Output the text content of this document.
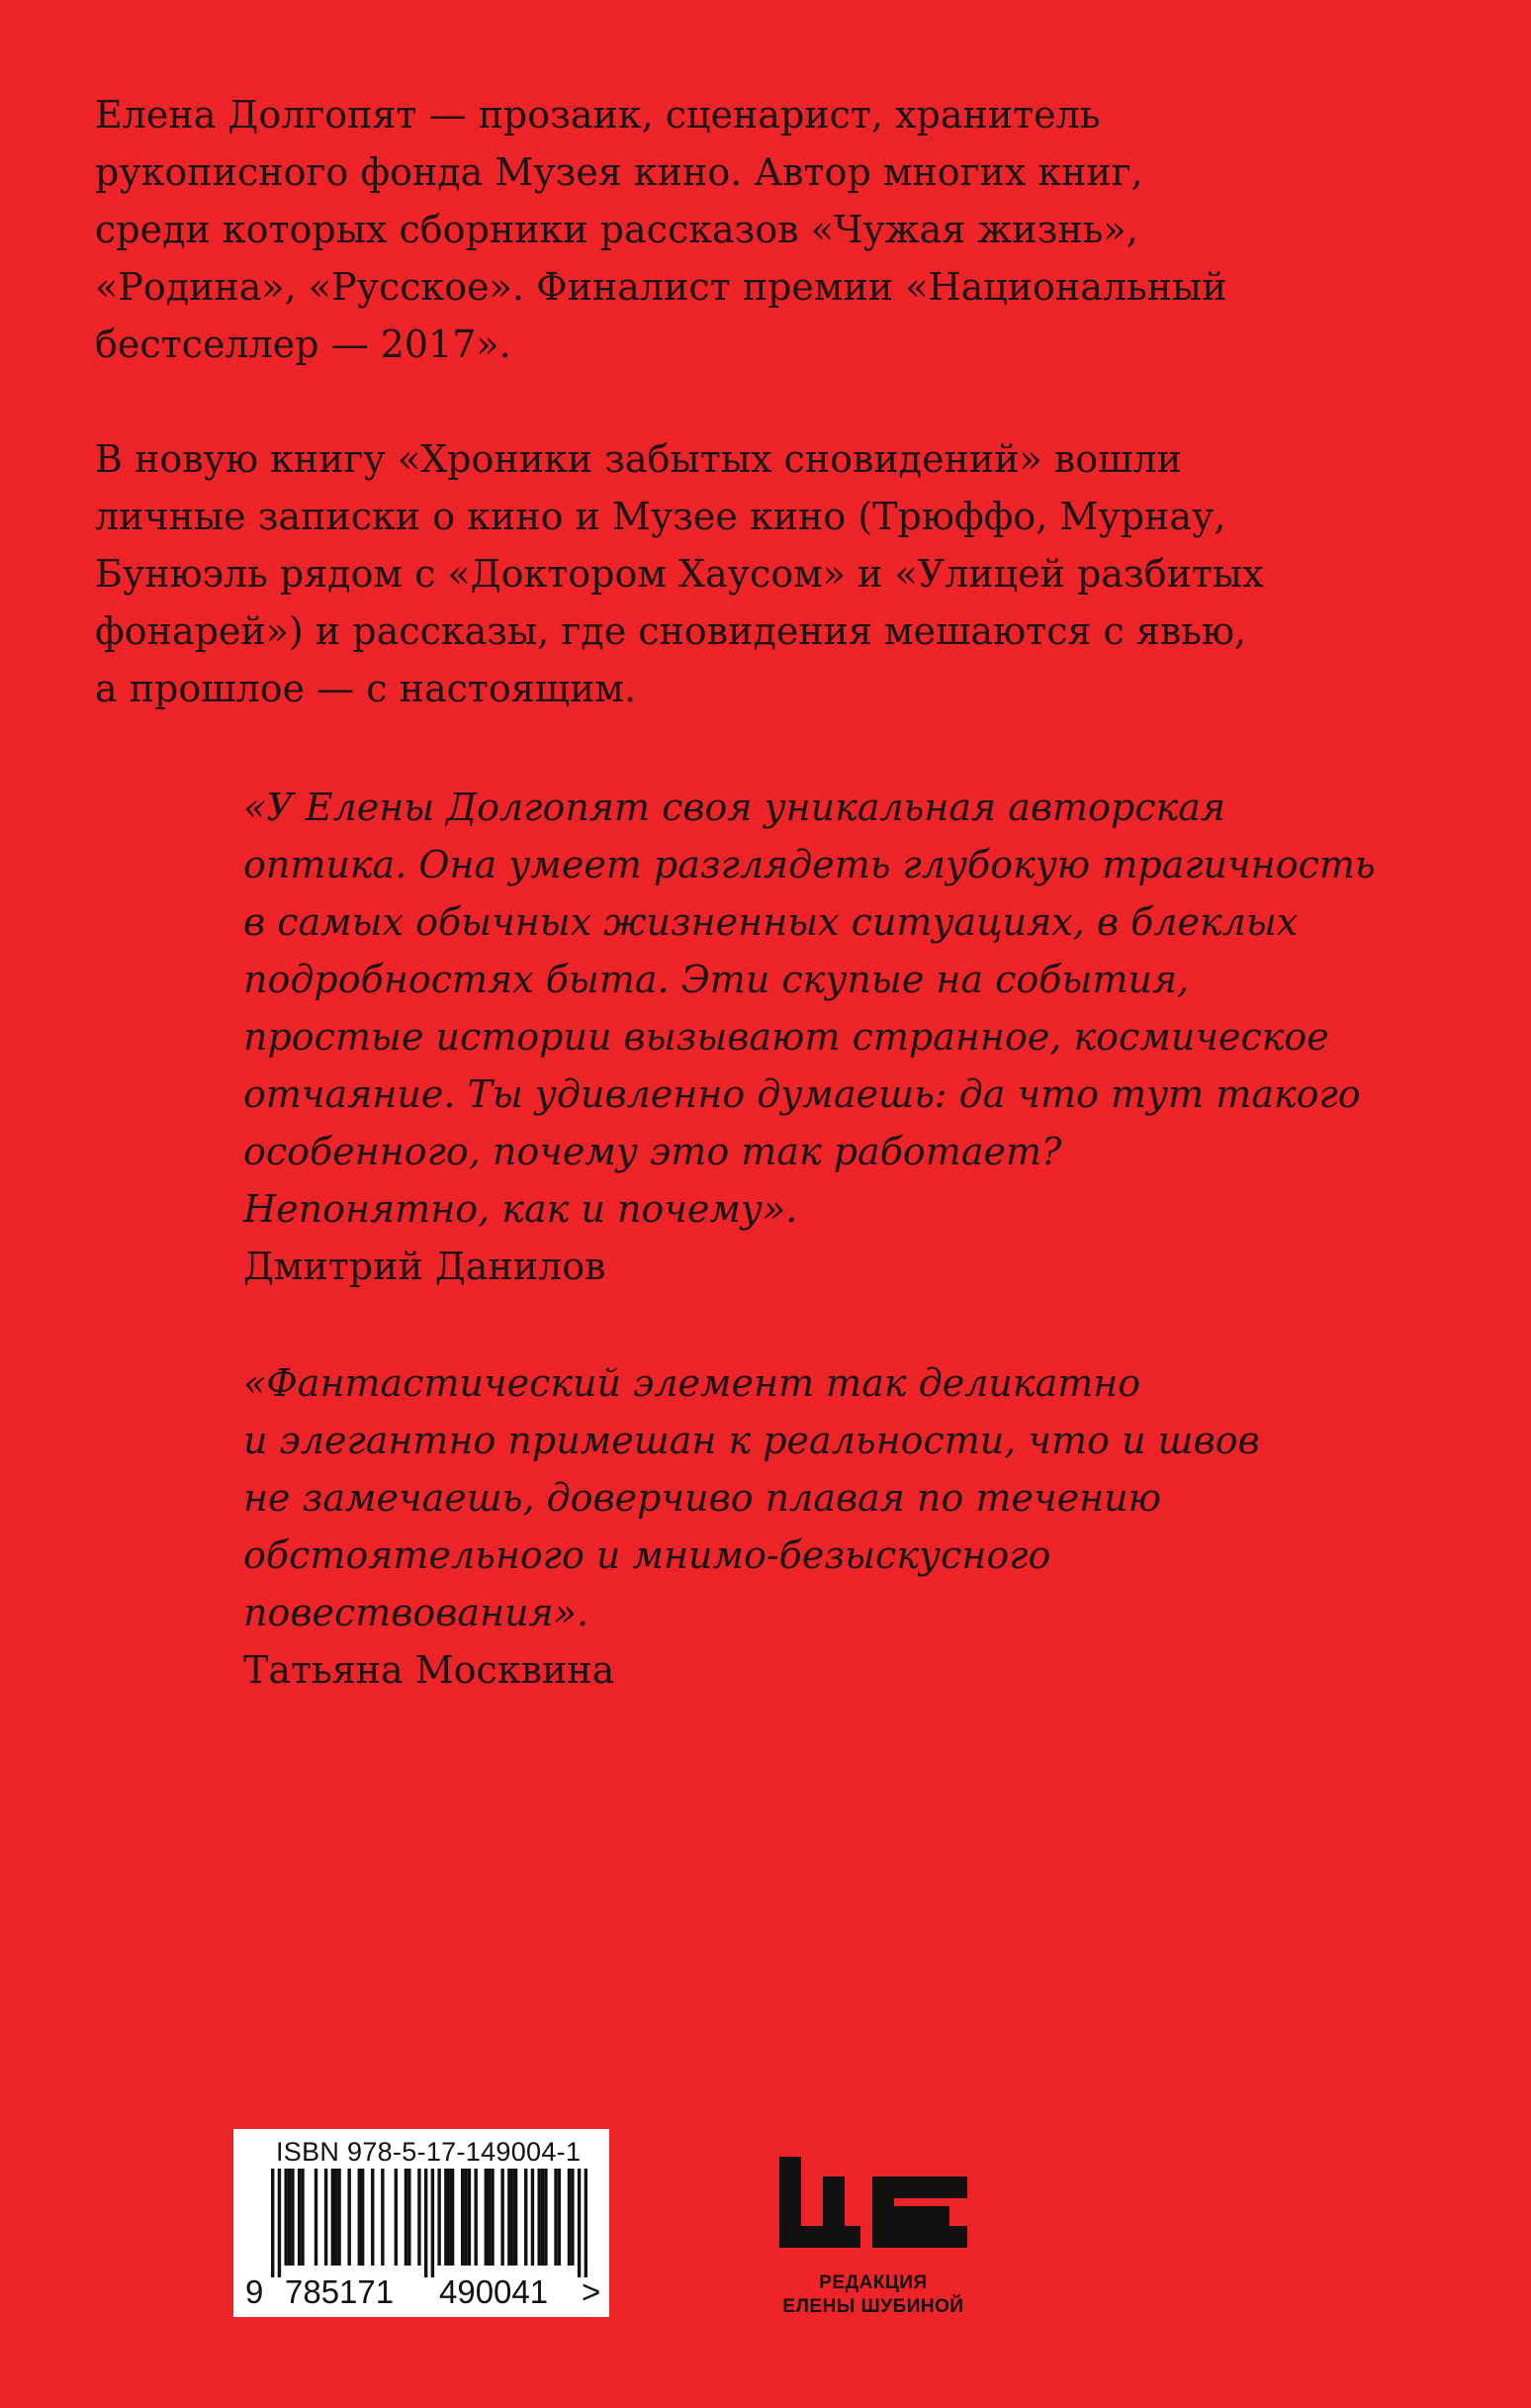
Елена Долгопят — прозаик, сценарист, хранитель
рукописного фонда Музея кино. Автор многих книг,
среди которых сборники рассказов «Чужая жизнь»,
«Родина», «Русское». Финалист премии «Национальный
бестселлер — 2017».
В новую книгу «Хроники забытых сновидений» вошли
личные записки о кино и Музее кино (Трюффо, Мурнау,
Бунюэль рядом с «Доктором Хаусом» и «Улицей разбитых
фонарей») и рассказы, где сновидения мешаются с явью,
а прошлое — с настоящим.
«У Елены Долгопят своя уникальная авторская
оптика. Она умеет разглядеть глубокую трагичность
в самых обычных жизненных ситуациях, в блеклых
подробностях быта. Эти скупые на события,
простые истории вызывают странное, космическое
отчаяние. Ты удивленно думаешь: да что тут такого
особенного, почему это так работает?
Непонятно, как и почему».
Дмитрий Данилов
«Фантастический элемент так деликатно
и элегантно примешан к реальности, что и швов
не замечаешь, доверчиво плавая по течению
обстоятельного и мнимо-безыскусного
повествования».
Татьяна Москвина
ISBN 978-5-17-149004-1
9 785171 490041 >	РЕДАКЦИЯ
ЕЛЕНЫ ШУБИНОЙ
